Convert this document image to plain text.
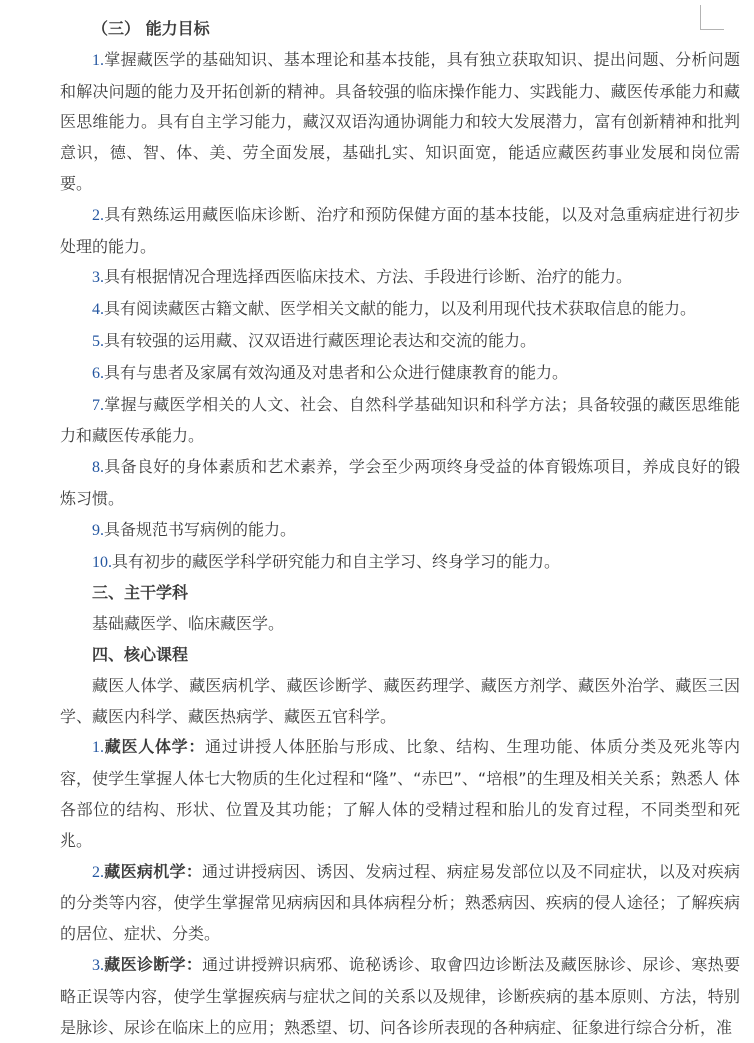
（三） 能力目标

1.掌握藏医学的基础知识、基本理论和基本技能，具有独立获取知识、提出问题、分析问题 和解决问题的能力及开拓创新的精神。具备较强的临床操作能力、实践能力、藏医传承能力和藏 医思维能力。具有自主学习能力，藏汉双语沟通协调能力和较大发展潜力，富有创新精神和批判 意识，德、智、体、美、劳全面发展，基础扎实、知识面宽，能适应藏医药事业发展和岗位需 要。

2.具有熟练运用藏医临床诊断、治疗和预防保健方面的基本技能，以及对急重病症进行初步 处理的能力。

3.具有根据情况合理选择西医临床技术、方法、手段进行诊断、治疗的能力。

4.具有阅读藏医古籍文献、医学相关文献的能力，以及利用现代技术获取信息的能力。

5.具有较强的运用藏、汉双语进行藏医理论表达和交流的能力。

6.具有与患者及家属有效沟通及对患者和公众进行健康教育的能力。

7.掌握与藏医学相关的人文、社会、自然科学基础知识和科学方法；具备较强的藏医思维能 力和藏医传承能力。

8.具备良好的身体素质和艺术素养，学会至少两项终身受益的体育锻炼项目，养成良好的锻 炼习惯。

9.具备规范书写病例的能力。

10.具有初步的藏医学科学研究能力和自主学习、终身学习的能力。

三、主干学科

基础藏医学、临床藏医学。

四、核心课程

藏医人体学、藏医病机学、藏医诊断学、藏医药理学、藏医方剂学、藏医外治学、藏医三因 学、藏医内科学、藏医热病学、藏医五官科学。

1.藏医人体学：通过讲授人体胚胎与形成、比象、结构、生理功能、体质分类及死兆等内 容，使学生掌握人体七大物质的生化过程和“隆”、“赤巴”、“培根”的生理及相关关系；熟悉人 体各部位的结构、形状、位置及其功能；了解人体的受精过程和胎儿的发育过程，不同类型和死兆。

2.藏医病机学：通过讲授病因、诱因、发病过程、病症易发部位以及不同症状，以及对疾病 的分类等内容，使学生掌握常见病病因和具体病程分析；熟悉病因、疾病的侵人途径；了解疾病 的居位、症状、分类。

3.藏医诊断学：通过讲授辨识病邪、诡秘诱诊、取會四边诊断法及藏医脉诊、尿诊、寒热要 略正误等内容，使学生掌握疾病与症状之间的关系以及规律，诊断疾病的基本原则、方法，特别 是脉诊、尿诊在临床上的应用；熟悉望、切、问各诊所表现的各种病症、征象进行综合分析，准
